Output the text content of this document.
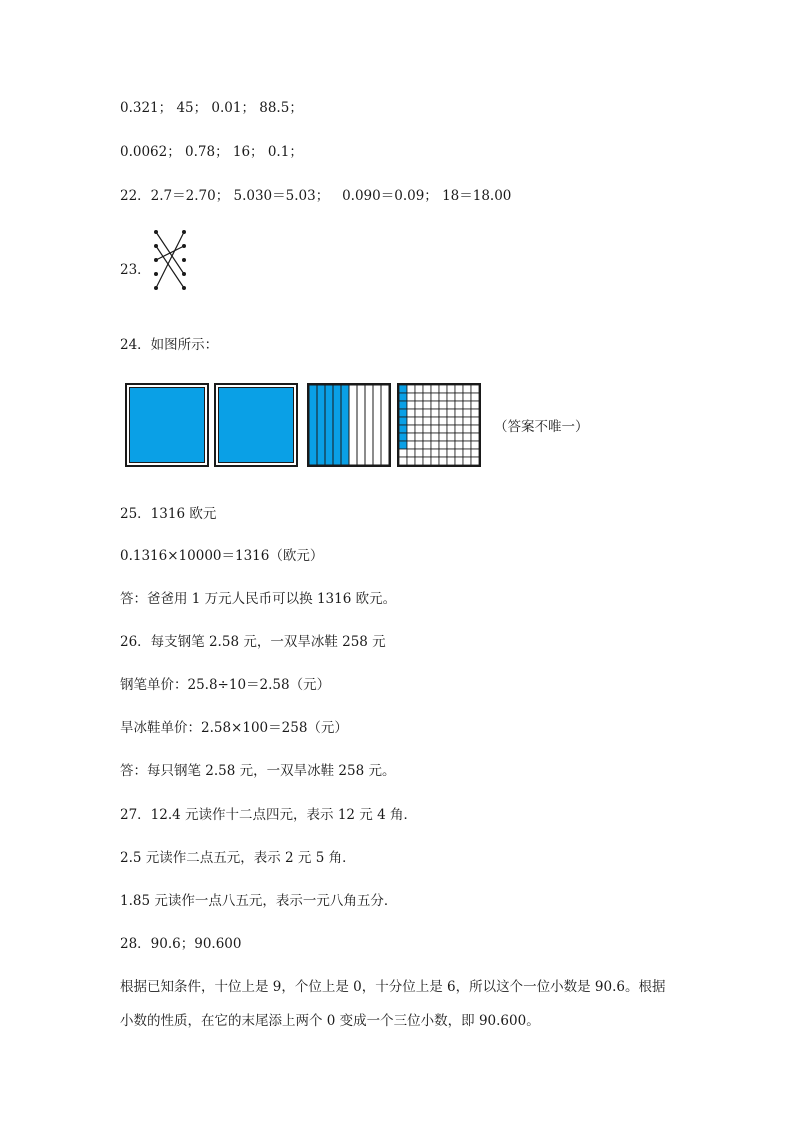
0.321； 45； 0.01； 88.5；
0.0062； 0.78； 16； 0.1；
22．2.7＝2.70； 5.030＝5.03；   0.090＝0.09； 18＝18.00
23．
24．如图所示：
（答案不唯一）
25．1316 欧元
0.1316×10000＝1316（欧元）
答：爸爸用 1 万元人民币可以换 1316 欧元。
26．每支钢笔 2.58 元，一双旱冰鞋 258 元
钢笔单价：25.8÷10＝2.58（元）
旱冰鞋单价：2.58×100＝258（元）
答：每只钢笔 2.58 元，一双旱冰鞋 258 元。
27．12.4 元读作十二点四元，表示 12 元 4 角．
2.5 元读作二点五元，表示 2 元 5 角．
1.85 元读作一点八五元，表示一元八角五分．
28．90.6；90.600
根据已知条件，十位上是 9，个位上是 0，十分位上是 6，所以这个一位小数是 90.6。根据
小数的性质，在它的末尾添上两个 0 变成一个三位小数，即 90.600。
